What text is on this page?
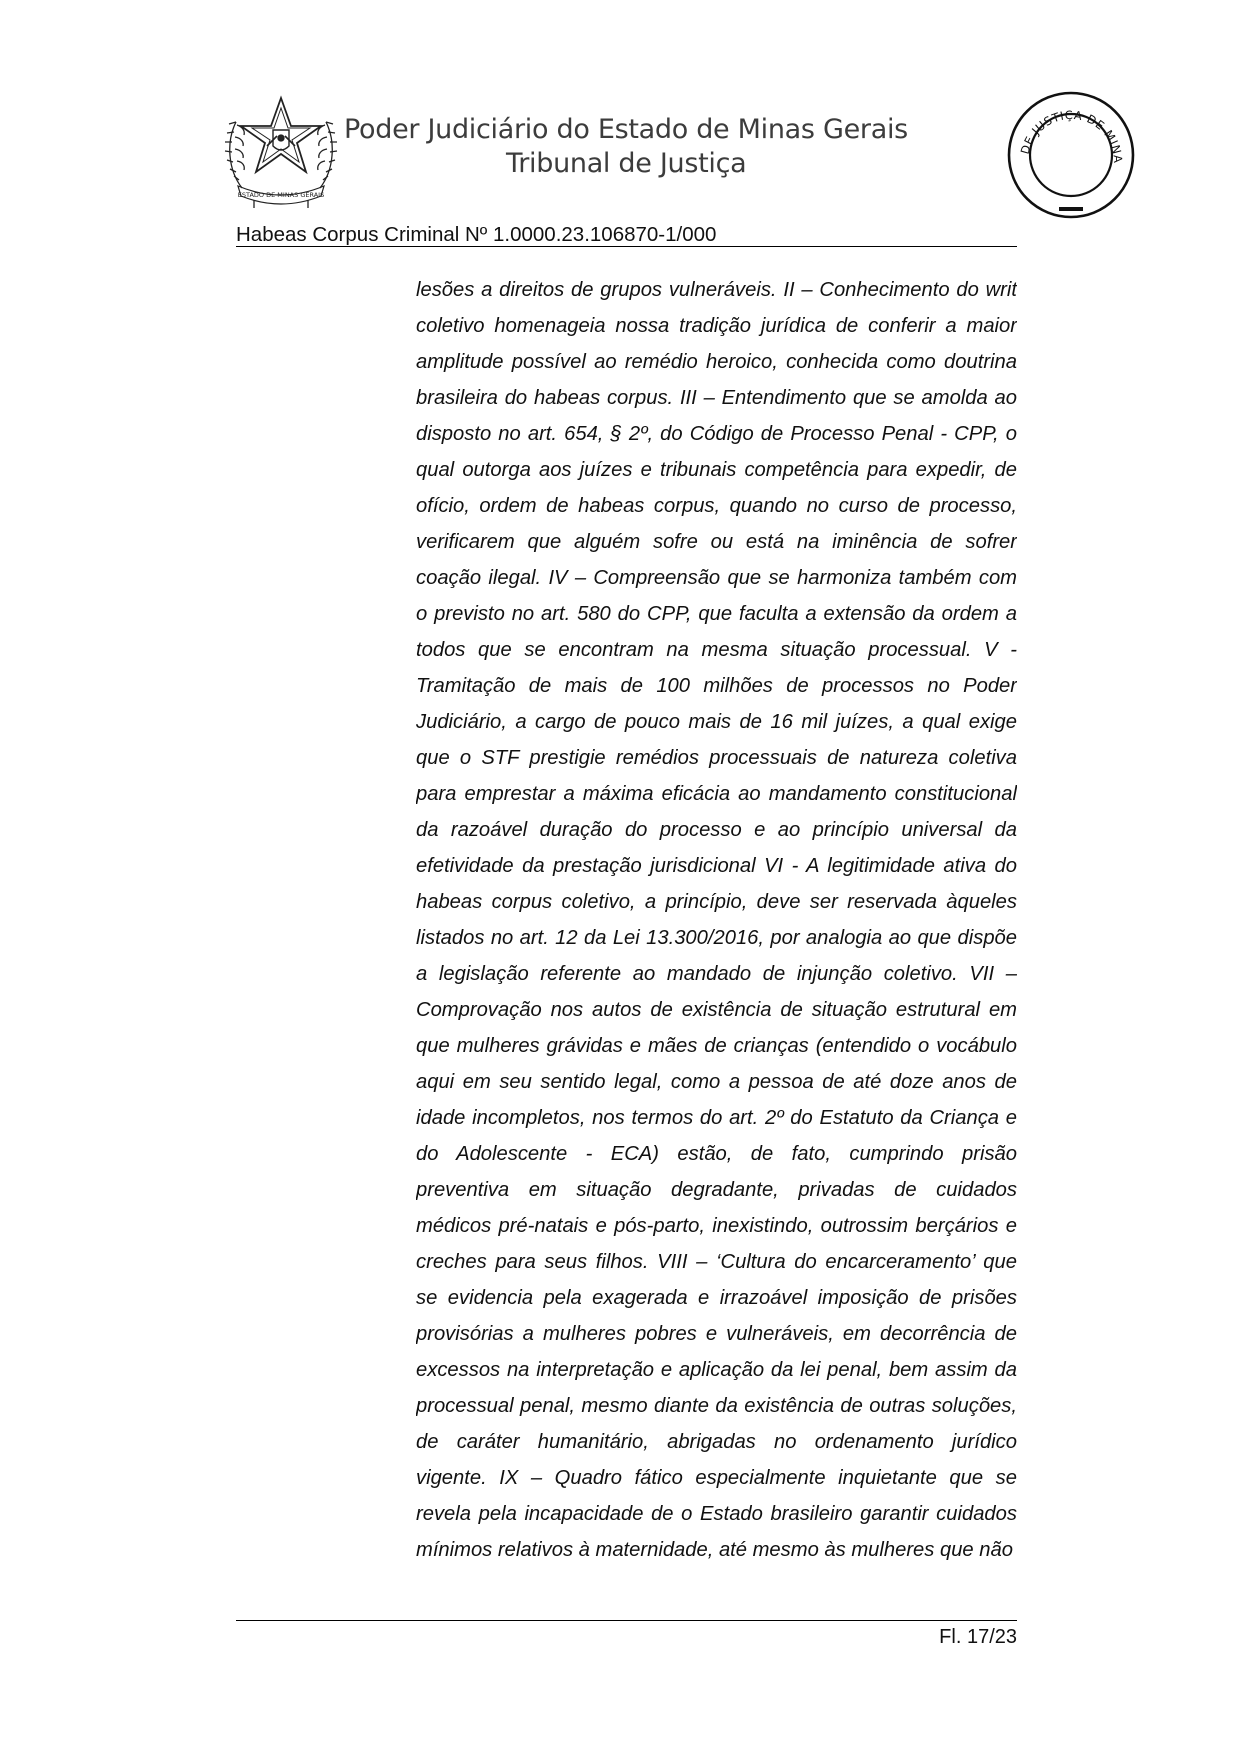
ESTADO DE MINAS GERAIS
Poder Judiciário do Estado de Minas Gerais
Tribunal de Justiça	DE JUSTIÇA DE MINA
Habeas Corpus Criminal Nº 1.0000.23.106870-1/000
lesões a direitos de grupos vulneráveis. II – Conhecimento do writ
coletivo homenageia nossa tradição jurídica de conferir a maior
amplitude possível ao remédio heroico, conhecida como doutrina
brasileira do habeas corpus. III – Entendimento que se amolda ao
disposto no art. 654, § 2º, do Código de Processo Penal - CPP, o
qual outorga aos juízes e tribunais competência para expedir, de
ofício, ordem de habeas corpus, quando no curso de processo,
verificarem que alguém sofre ou está na iminência de sofrer
coação ilegal. IV – Compreensão que se harmoniza também com
o previsto no art. 580 do CPP, que faculta a extensão da ordem a
todos que se encontram na mesma situação processual. V -
Tramitação de mais de 100 milhões de processos no Poder
Judiciário, a cargo de pouco mais de 16 mil juízes, a qual exige
que o STF prestigie remédios processuais de natureza coletiva
para emprestar a máxima eficácia ao mandamento constitucional
da razoável duração do processo e ao princípio universal da
efetividade da prestação jurisdicional VI - A legitimidade ativa do
habeas corpus coletivo, a princípio, deve ser reservada àqueles
listados no art. 12 da Lei 13.300/2016, por analogia ao que dispõe
a legislação referente ao mandado de injunção coletivo. VII –
Comprovação nos autos de existência de situação estrutural em
que mulheres grávidas e mães de crianças (entendido o vocábulo
aqui em seu sentido legal, como a pessoa de até doze anos de
idade incompletos, nos termos do art. 2º do Estatuto da Criança e
do Adolescente - ECA) estão, de fato, cumprindo prisão
preventiva em situação degradante, privadas de cuidados
médicos pré-natais e pós-parto, inexistindo, outrossim berçários e
creches para seus filhos. VIII – ‘Cultura do encarceramento’ que
se evidencia pela exagerada e irrazoável imposição de prisões
provisórias a mulheres pobres e vulneráveis, em decorrência de
excessos na interpretação e aplicação da lei penal, bem assim da
processual penal, mesmo diante da existência de outras soluções,
de caráter humanitário, abrigadas no ordenamento jurídico
vigente. IX – Quadro fático especialmente inquietante que se
revela pela incapacidade de o Estado brasileiro garantir cuidados
mínimos relativos à maternidade, até mesmo às mulheres que não
Fl. 17/23
